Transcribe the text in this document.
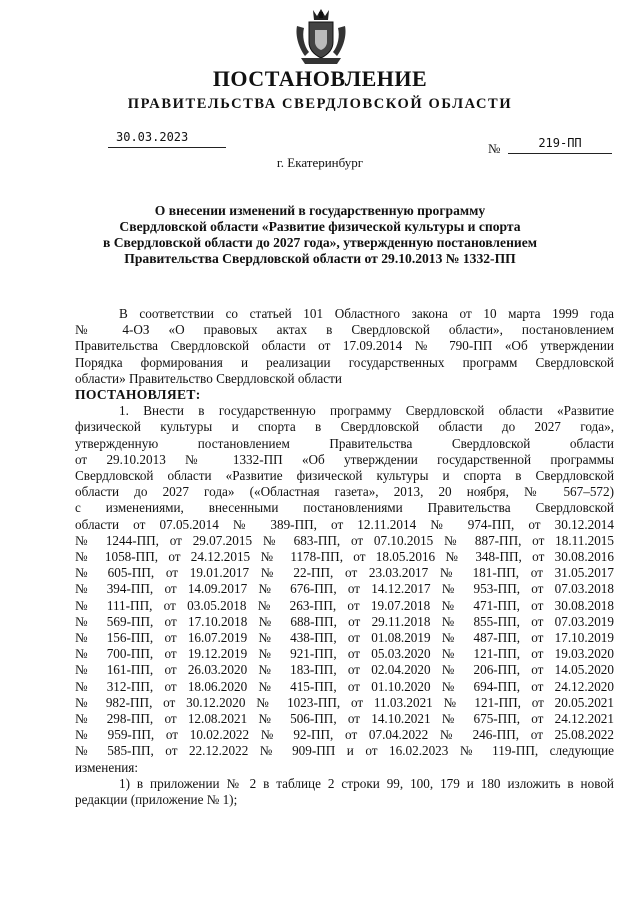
ПОСТАНОВЛЕНИЕ
ПРАВИТЕЛЬСТВА СВЕРДЛОВСКОЙ ОБЛАСТИ
30.03.2023
№	219-ПП
г. Екатеринбург
О внесении изменений в государственную программу
Свердловской области «Развитие физической культуры и спорта
в Свердловской области до 2027 года», утвержденную постановлением
Правительства Свердловской области от 29.10.2013 № 1332-ПП

В соответствии со статьей 101 Областного закона от 10 марта 1999 года
№ 4-ОЗ «О правовых актах в Свердловской области», постановлением
Правительства Свердловской области от 17.09.2014 № 790-ПП «Об утверждении
Порядка формирования и реализации государственных программ Свердловской
области» Правительство Свердловской области

ПОСТАНОВЛЯЕТ:

1. Внести в государственную программу Свердловской области «Развитие
физической культуры и спорта в Свердловской области до 2027 года»,
утвержденную постановлением Правительства Свердловской области
от 29.10.2013 № 1332-ПП «Об утверждении государственной программы
Свердловской области «Развитие физической культуры и спорта в Свердловской
области до 2027 года» («Областная газета», 2013, 20 ноября, № 567–572)
с изменениями, внесенными постановлениями Правительства Свердловской
области от 07.05.2014 № 389-ПП, от 12.11.2014 № 974-ПП, от 30.12.2014
№ 1244-ПП, от 29.07.2015 № 683-ПП, от 07.10.2015 № 887-ПП, от 18.11.2015
№ 1058-ПП, от 24.12.2015 № 1178-ПП, от 18.05.2016 № 348-ПП, от 30.08.2016
№ 605-ПП, от 19.01.2017 № 22-ПП, от 23.03.2017 № 181-ПП, от 31.05.2017
№ 394-ПП, от 14.09.2017 № 676-ПП, от 14.12.2017 № 953-ПП, от 07.03.2018
№ 111-ПП, от 03.05.2018 № 263-ПП, от 19.07.2018 № 471-ПП, от 30.08.2018
№ 569-ПП, от 17.10.2018 № 688-ПП, от 29.11.2018 № 855-ПП, от 07.03.2019
№ 156-ПП, от 16.07.2019 № 438-ПП, от 01.08.2019 № 487-ПП, от 17.10.2019
№ 700-ПП, от 19.12.2019 № 921-ПП, от 05.03.2020 № 121-ПП, от 19.03.2020
№ 161-ПП, от 26.03.2020 № 183-ПП, от 02.04.2020 № 206-ПП, от 14.05.2020
№ 312-ПП, от 18.06.2020 № 415-ПП, от 01.10.2020 № 694-ПП, от 24.12.2020
№ 982-ПП, от 30.12.2020 № 1023-ПП, от 11.03.2021 № 121-ПП, от 20.05.2021
№ 298-ПП, от 12.08.2021 № 506-ПП, от 14.10.2021 № 675-ПП, от 24.12.2021
№ 959-ПП, от 10.02.2022 № 92-ПП, от 07.04.2022 № 246-ПП, от 25.08.2022
№ 585-ПП, от 22.12.2022 № 909-ПП и от 16.02.2023 № 119-ПП, следующие
изменения:

1) в приложении № 2 в таблице 2 строки 99, 100, 179 и 180 изложить в новой
редакции (приложение № 1);
